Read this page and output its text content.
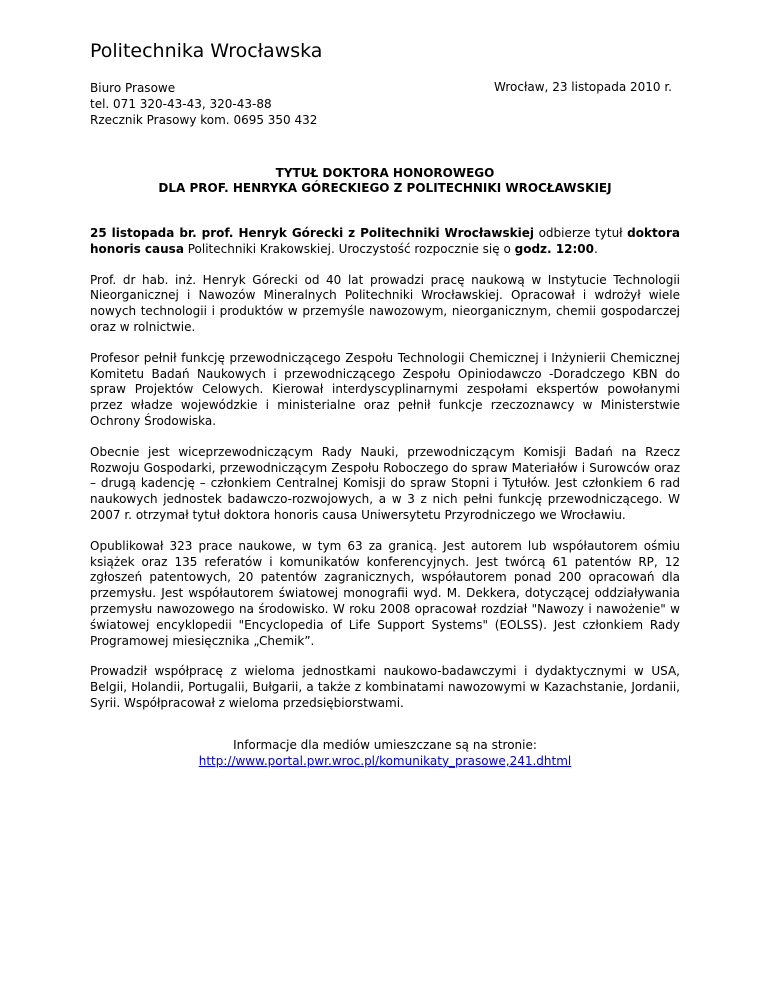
Politechnika Wrocławska
Biuro Prasowe
tel. 071 320-43-43, 320-43-88
Rzecznik Prasowy kom. 0695 350 432
Wrocław, 23 listopada 2010 r.
TYTUŁ DOKTORA HONOROWEGO
DLA PROF. HENRYKA GÓRECKIEGO Z POLITECHNIKI WROCŁAWSKIEJ

25 listopada br. prof. Henryk Górecki z Politechniki Wrocławskiej odbierze tytuł doktora honoris causa Politechniki Krakowskiej. Uroczystość rozpocznie się o godz. 12:00.

Prof. dr hab. inż. Henryk Górecki od 40 lat prowadzi pracę naukową w Instytucie Technologii Nieorganicznej i Nawozów Mineralnych Politechniki Wrocławskiej. Opracował i wdrożył wiele nowych technologii i produktów w przemyśle nawozowym, nieorganicznym, chemii gospodarczej oraz w rolnictwie.

Profesor pełnił funkcję przewodniczącego Zespołu Technologii Chemicznej i Inżynierii Chemicznej Komitetu Badań Naukowych i przewodniczącego Zespołu Opiniodawczo -Doradczego KBN do spraw Projektów Celowych. Kierował interdyscyplinarnymi zespołami ekspertów powołanymi przez władze wojewódzkie i ministerialne oraz pełnił funkcje rzeczoznawcy w Ministerstwie Ochrony Środowiska.

Obecnie jest wiceprzewodniczącym Rady Nauki, przewodniczącym Komisji Badań na Rzecz Rozwoju Gospodarki, przewodniczącym Zespołu Roboczego do spraw Materiałów i Surowców oraz – drugą kadencję – członkiem Centralnej Komisji do spraw Stopni i Tytułów. Jest członkiem 6 rad naukowych jednostek badawczo-rozwojowych, a w 3 z nich pełni funkcję przewodniczącego. W 2007 r. otrzymał tytuł doktora honoris causa Uniwersytetu Przyrodniczego we Wrocławiu.

Opublikował 323 prace naukowe, w tym 63 za granicą. Jest autorem lub współautorem ośmiu książek oraz 135 referatów i komunikatów konferencyjnych. Jest twórcą 61 patentów RP, 12 zgłoszeń patentowych, 20 patentów zagranicznych, współautorem ponad 200 opracowań dla przemysłu. Jest współautorem światowej monografii wyd. M. Dekkera, dotyczącej oddziaływania przemysłu nawozowego na środowisko. W roku 2008 opracował rozdział "Nawozy i nawożenie" w światowej encyklopedii "Encyclopedia of Life Support Systems" (EOLSS). Jest członkiem Rady Programowej miesięcznika „Chemik”.

Prowadził współpracę z wieloma jednostkami naukowo-badawczymi i dydaktycznymi w USA, Belgii, Holandii, Portugalii, Bułgarii, a także z kombinatami nawozowymi w Kazachstanie, Jordanii, Syrii. Współpracował z wieloma przedsiębiorstwami.

Informacje dla mediów umieszczane są na stronie:
http://www.portal.pwr.wroc.pl/komunikaty_prasowe,241.dhtml
